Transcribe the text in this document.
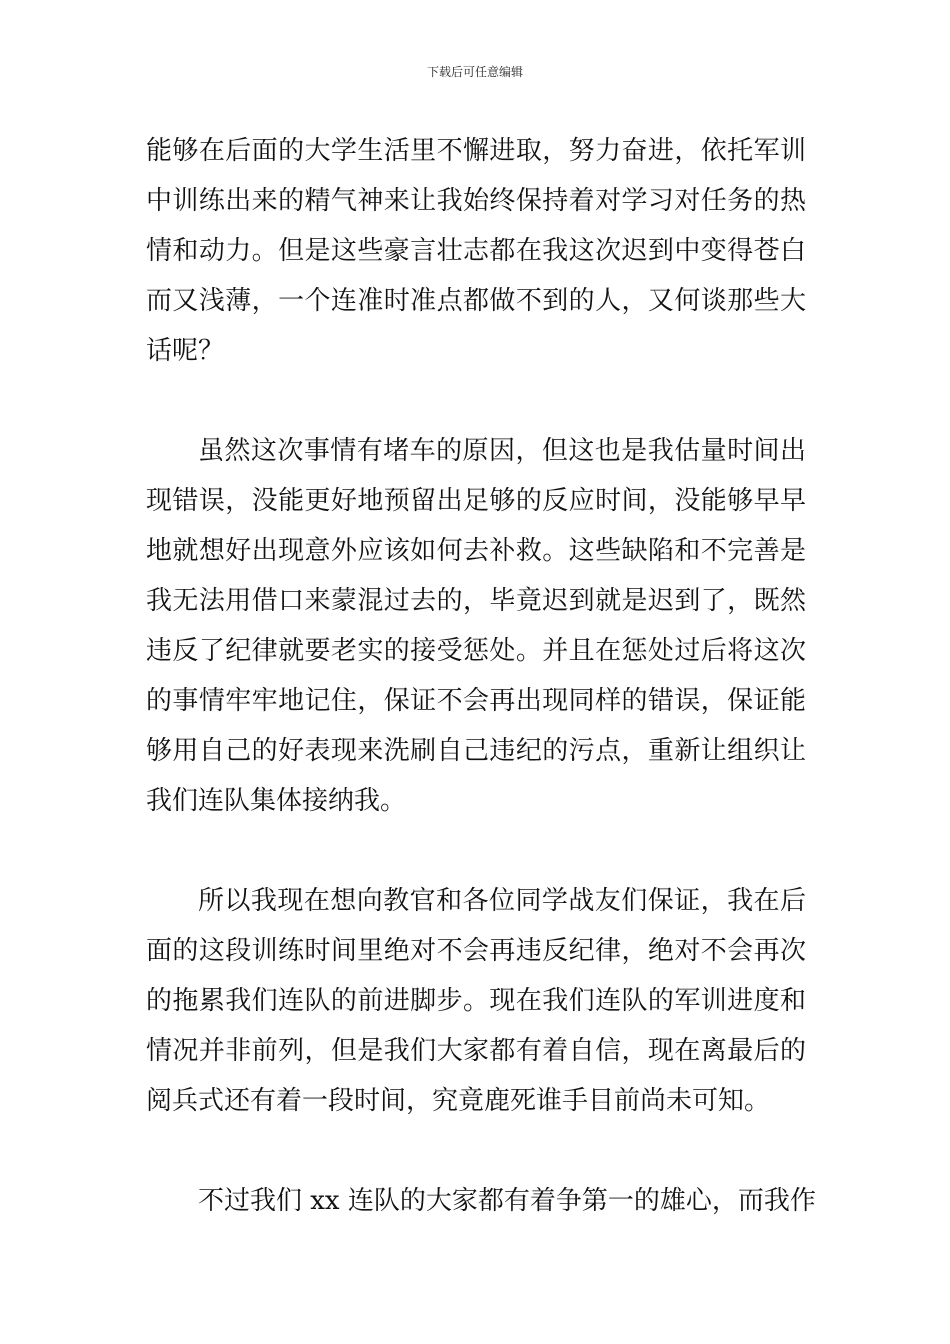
下载后可任意编辑
能够在后面的大学生活里不懈进取，努力奋进，依托军训
中训练出来的精气神来让我始终保持着对学习对任务的热
情和动力。但是这些豪言壮志都在我这次迟到中变得苍白
而又浅薄，一个连准时准点都做不到的人，又何谈那些大
话呢？
虽然这次事情有堵车的原因，但这也是我估量时间出
现错误，没能更好地预留出足够的反应时间，没能够早早
地就想好出现意外应该如何去补救。这些缺陷和不完善是
我无法用借口来蒙混过去的，毕竟迟到就是迟到了，既然
违反了纪律就要老实的接受惩处。并且在惩处过后将这次
的事情牢牢地记住，保证不会再出现同样的错误，保证能
够用自己的好表现来洗刷自己违纪的污点，重新让组织让
我们连队集体接纳我。
所以我现在想向教官和各位同学战友们保证，我在后
面的这段训练时间里绝对不会再违反纪律，绝对不会再次
的拖累我们连队的前进脚步。现在我们连队的军训进度和
情况并非前列，但是我们大家都有着自信，现在离最后的
阅兵式还有着一段时间，究竟鹿死谁手目前尚未可知。
不过我们 xx 连队的大家都有着争第一的雄心，而我作
